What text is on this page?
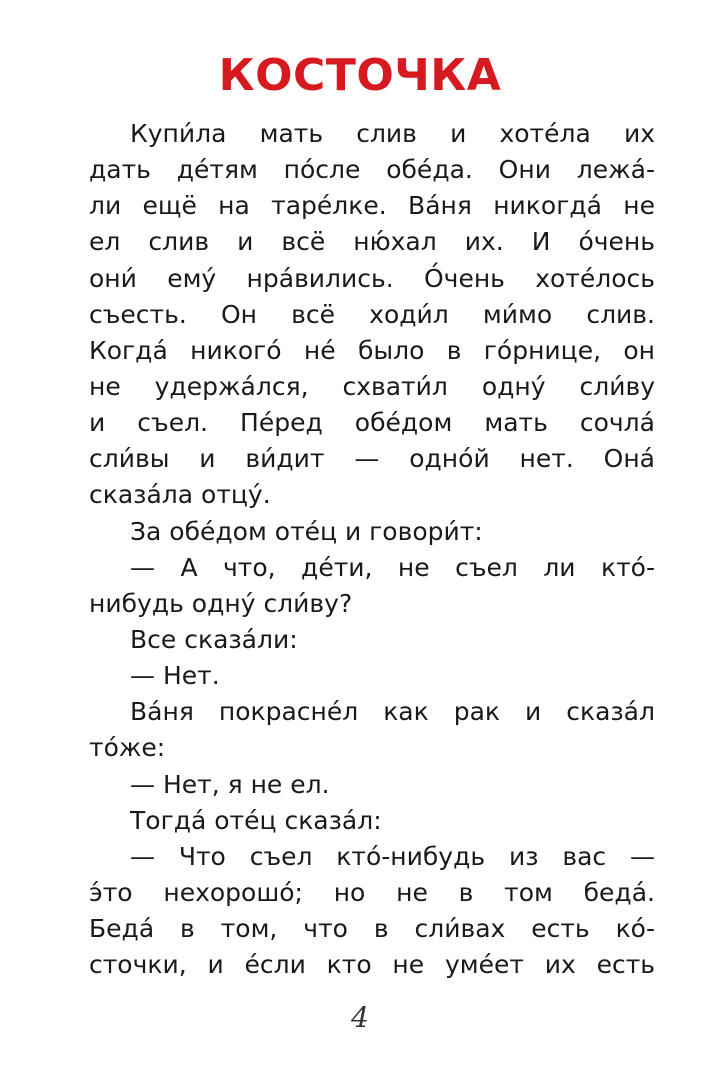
КОСТОЧКА
Купи́ла мать слив и хоте́ла их
дать де́тям по́сле обе́да. Они лежа́-
ли ещё на таре́лке. Ва́ня никогда́ не
ел слив и всё ню́хал их. И о́чень
они́ ему́ нра́вились. О́чень хоте́лось
съесть. Он всё ходи́л ми́мо слив.
Когда́ никого́ не́ было в го́рнице, он
не удержа́лся, схвати́л одну́ сли́ву
и съел. Пе́ред обе́дом мать сочла́
сли́вы и ви́дит — одно́й нет. Она́
сказа́ла отцу́.
За обе́дом оте́ц и говори́т:
— А что, де́ти, не съел ли кто́-
нибудь одну́ сли́ву?
Все сказа́ли:
— Нет.
Ва́ня покрасне́л как рак и сказа́л
то́же:
— Нет, я не ел.
Тогда́ оте́ц сказа́л:
— Что съел кто́-нибудь из вас —
э́то нехорошо́; но не в том беда́.
Беда́ в том, что в сли́вах есть ко́-
сточки, и е́сли кто не уме́ет их есть
4
